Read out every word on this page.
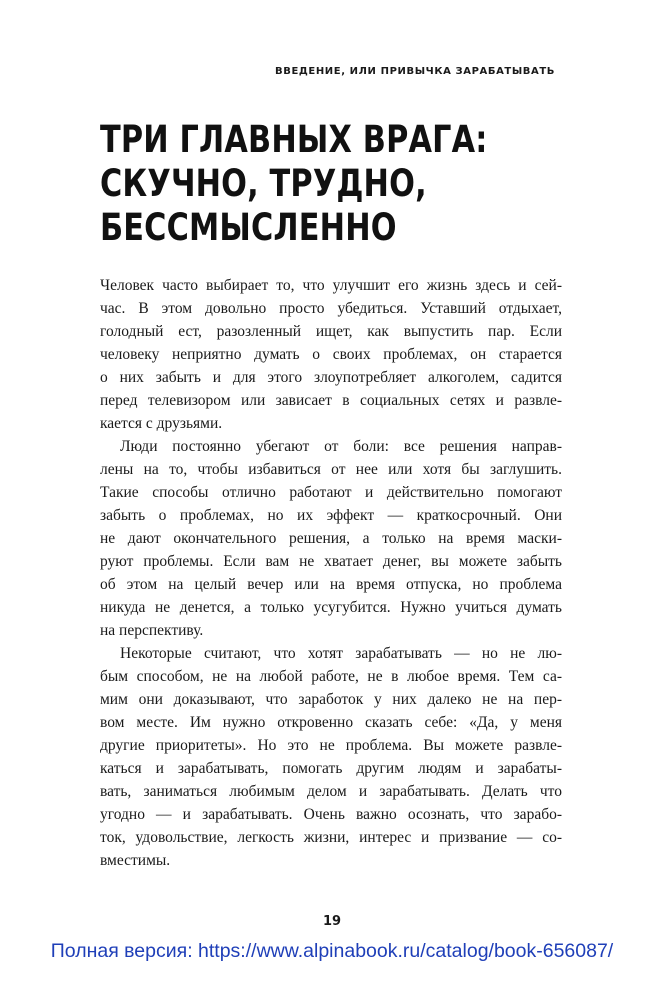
ВВЕДЕНИЕ, ИЛИ ПРИВЫЧКА ЗАРАБАТЫВАТЬ
ТРИ ГЛАВНЫХ ВРАГА:
СКУЧНО, ТРУДНО,
БЕССМЫСЛЕННО
Человек часто выбирает то, что улучшит его жизнь здесь и сей-
час. В этом довольно просто убедиться. Уставший отдыхает,
голодный ест, разозленный ищет, как выпустить пар. Если
человеку неприятно думать о своих проблемах, он старается
о них забыть и для этого злоупотребляет алкоголем, садится
перед телевизором или зависает в социальных сетях и развле-
кается с друзьями.
Люди постоянно убегают от боли: все решения направ-
лены на то, чтобы избавиться от нее или хотя бы заглушить.
Такие способы отлично работают и действительно помогают
забыть о проблемах, но их эффект — краткосрочный. Они
не дают окончательного решения, а только на время маски-
руют проблемы. Если вам не хватает денег, вы можете забыть
об этом на целый вечер или на время отпуска, но проблема
никуда не денется, а только усугубится. Нужно учиться думать
на перспективу.
Некоторые считают, что хотят зарабатывать — но не лю-
бым способом, не на любой работе, не в любое время. Тем са-
мим они доказывают, что заработок у них далеко не на пер-
вом месте. Им нужно откровенно сказать себе: «Да, у меня
другие приоритеты». Но это не проблема. Вы можете развле-
каться и зарабатывать, помогать другим людям и зарабаты-
вать, заниматься любимым делом и зарабатывать. Делать что
угодно — и зарабатывать. Очень важно осознать, что зарабо-
ток, удовольствие, легкость жизни, интерес и призвание — со-
вместимы.
19
Полная версия: https://www.alpinabook.ru/catalog/book-656087/
